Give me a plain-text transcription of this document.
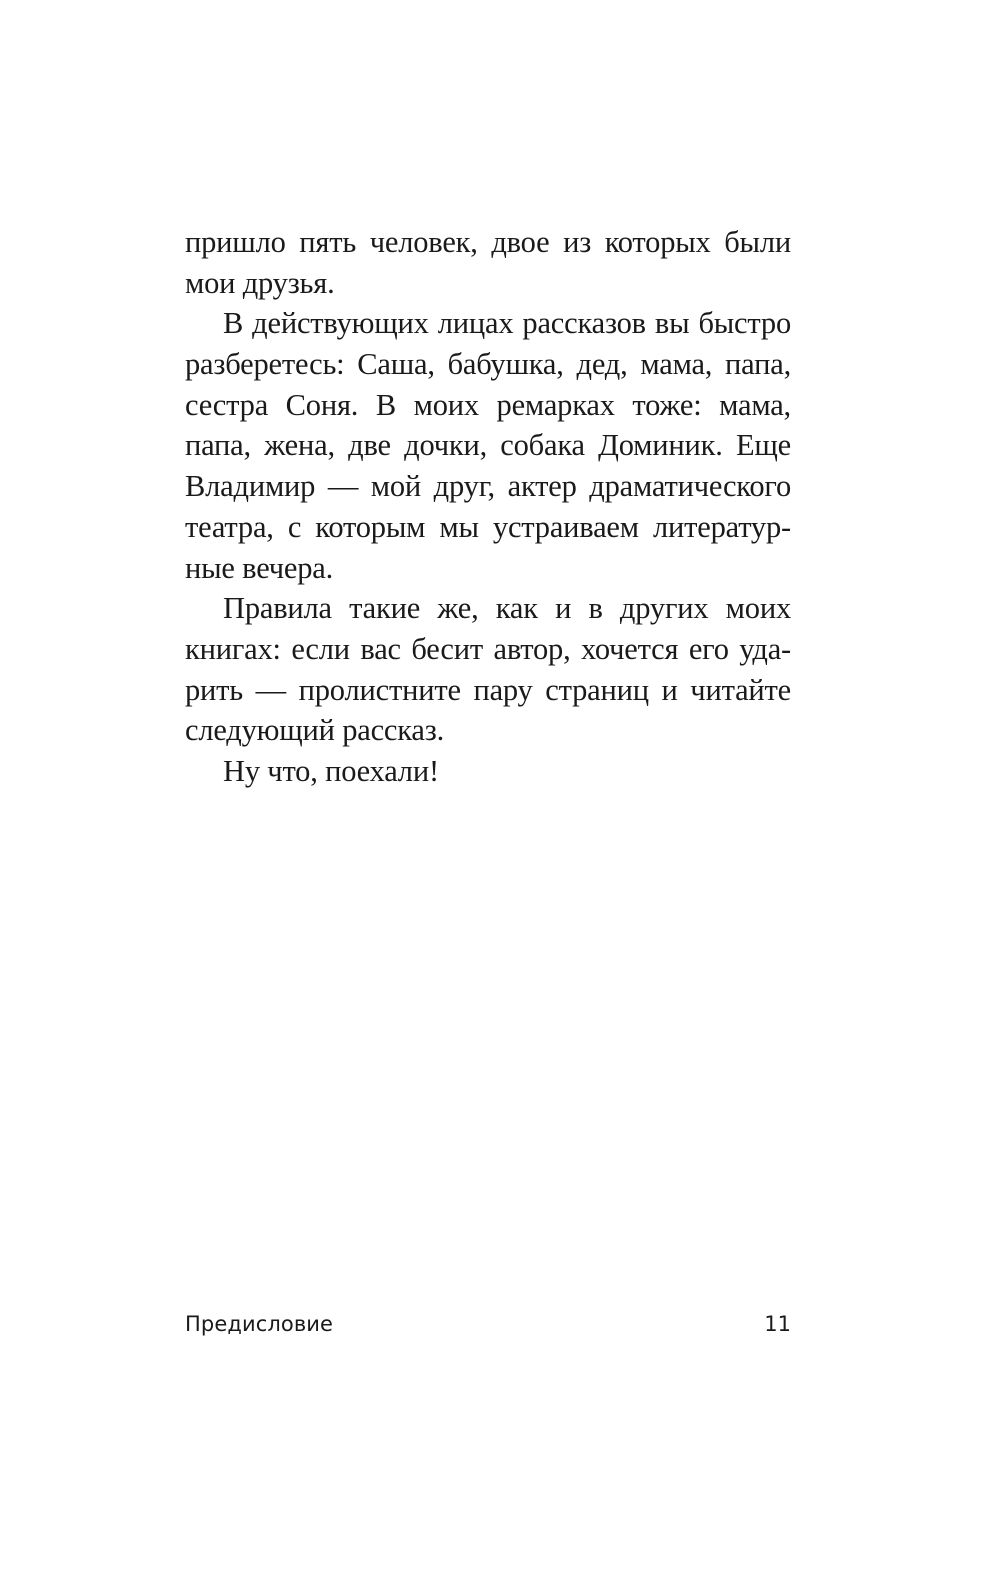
пришло пять человек, двое из которых были
мои друзья.
В действующих лицах рассказов вы быстро
разберетесь: Саша, бабушка, дед, мама, папа,
сестра Соня. В моих ремарках тоже: мама,
папа, жена, две дочки, собака Доминик. Еще
Владимир — мой друг, актер драматического
театра, с которым мы устраиваем литератур-
ные вечера.
Правила такие же, как и в других моих
книгах: если вас бесит автор, хочется его уда-
рить — пролистните пару страниц и читайте
следующий рассказ.
Ну что, поехали!
Предисловие	11
